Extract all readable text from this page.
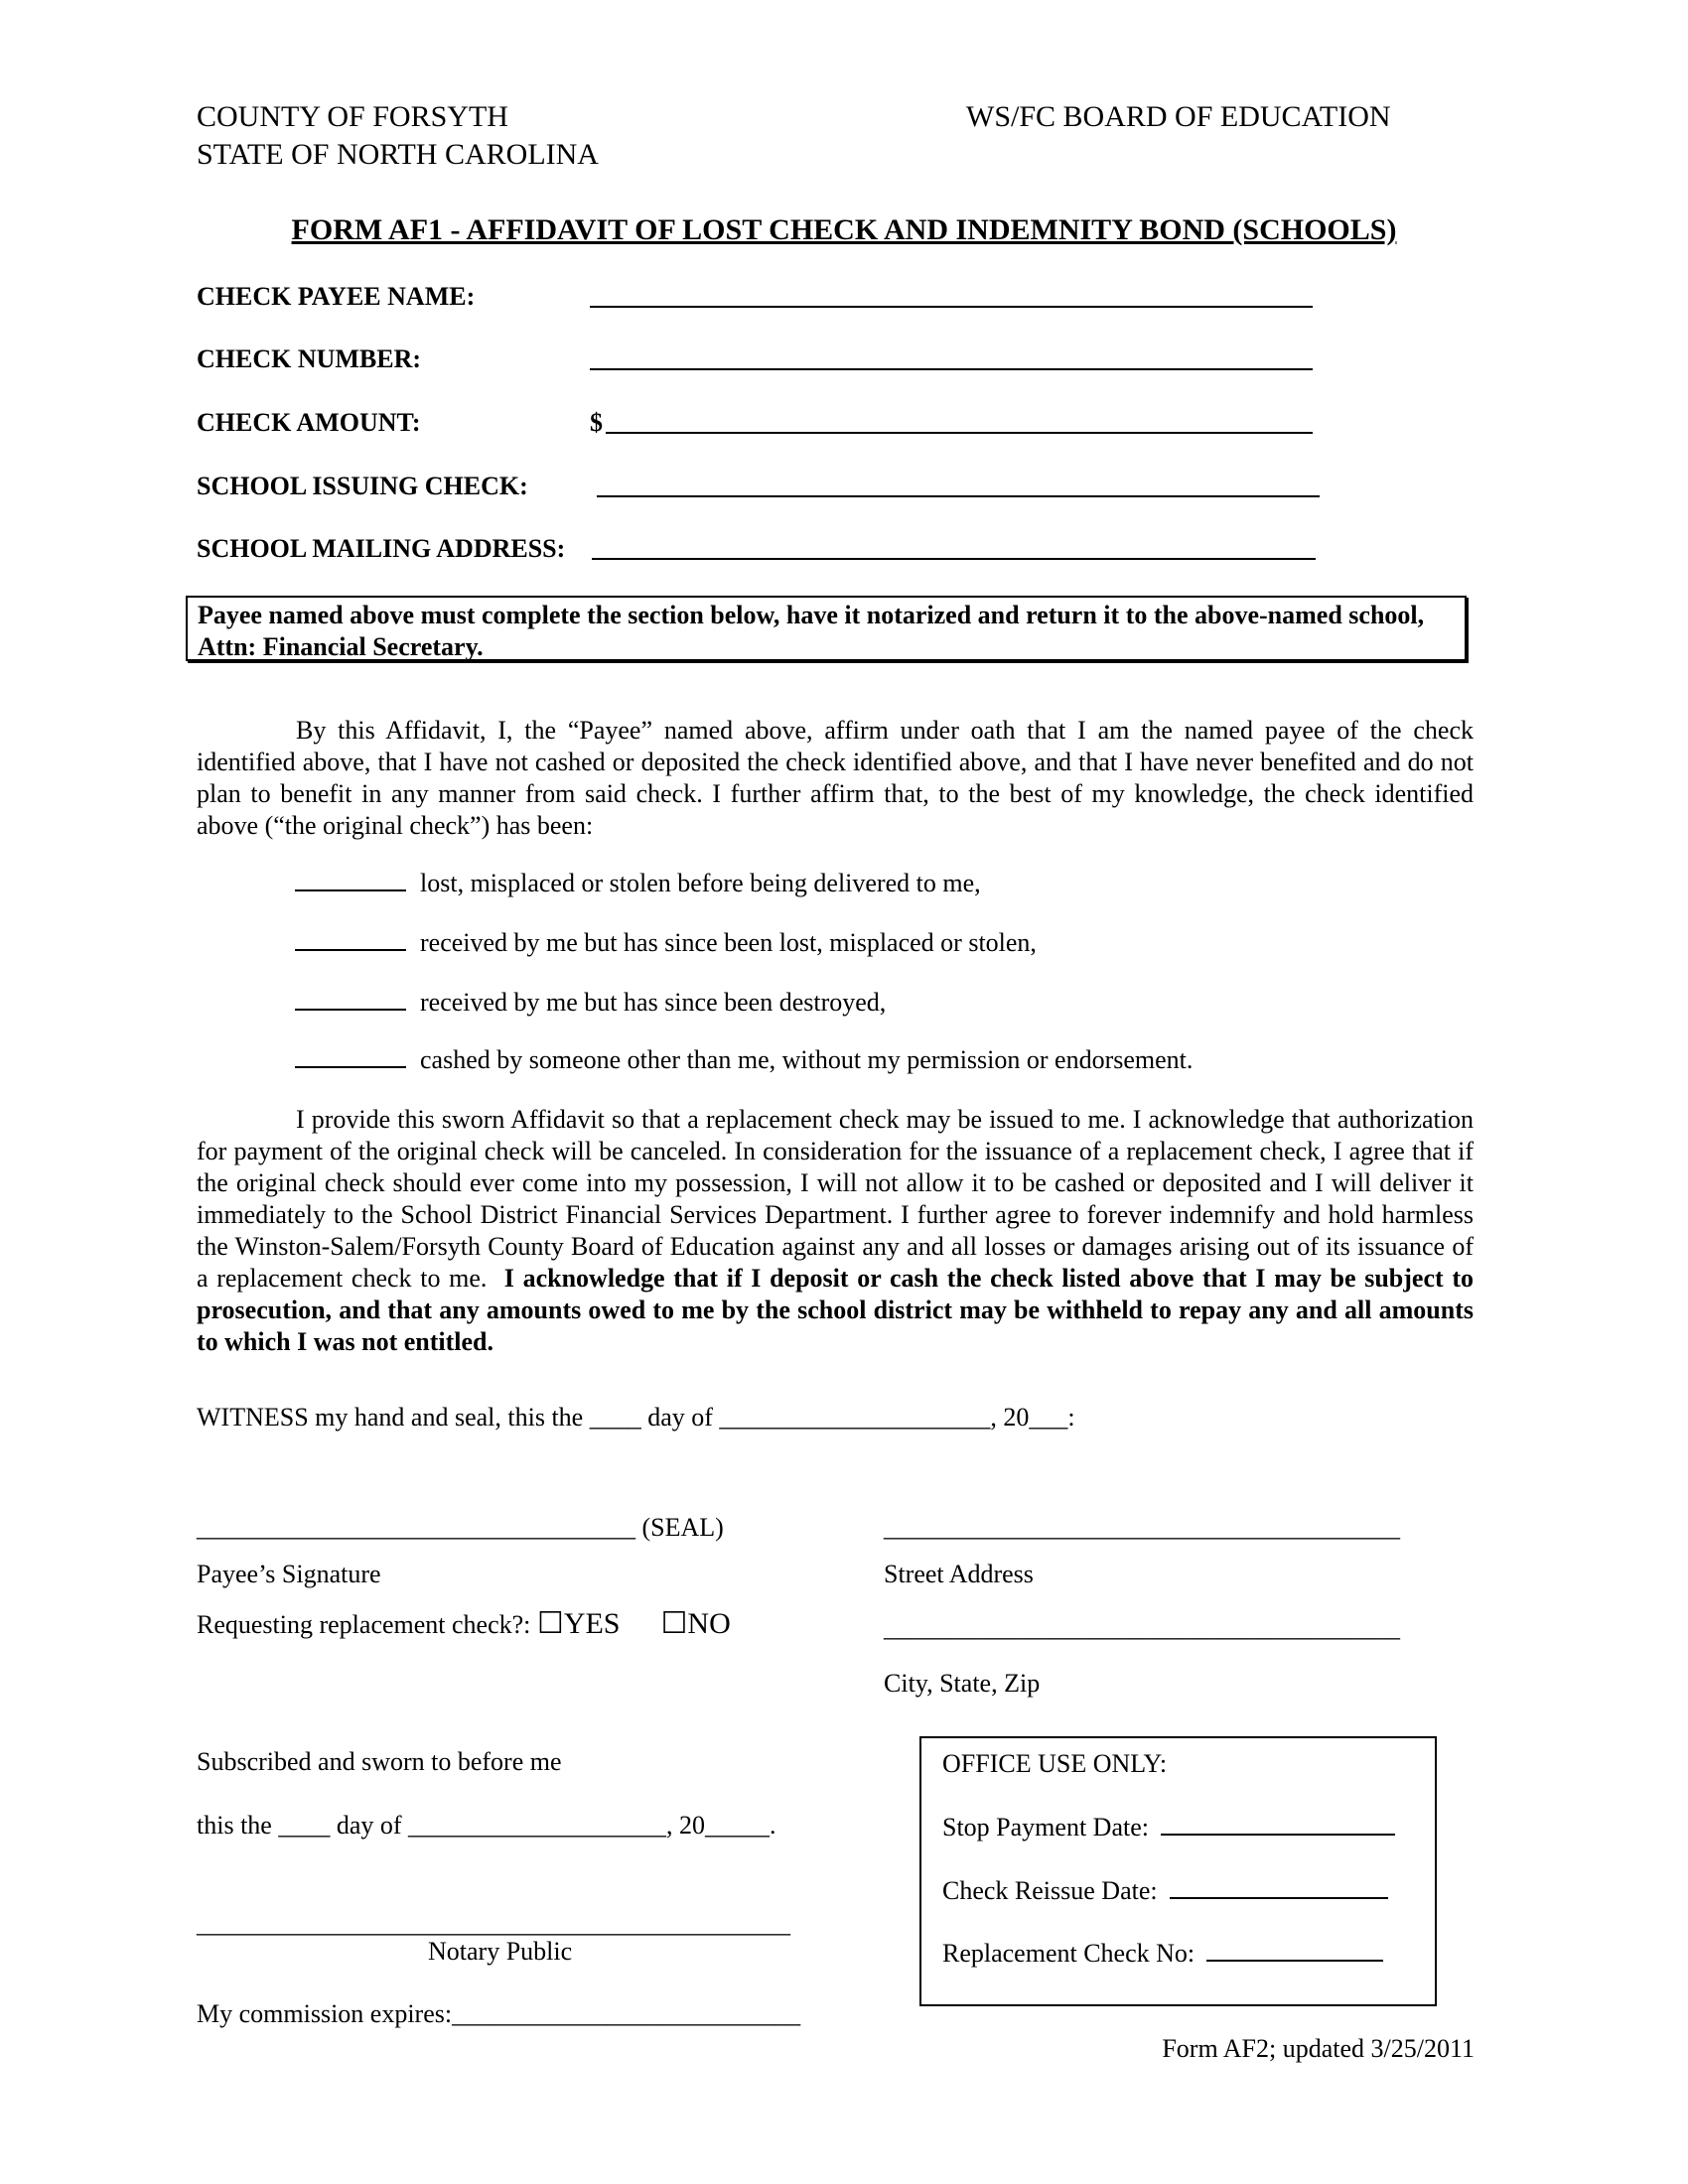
COUNTY OF FORSYTH
STATE OF NORTH CAROLINA
WS/FC BOARD OF EDUCATION
FORM AF1 - AFFIDAVIT OF LOST CHECK AND INDEMNITY BOND (SCHOOLS)
CHECK PAYEE NAME:
CHECK NUMBER:
CHECK AMOUNT:	$
SCHOOL ISSUING CHECK:
SCHOOL MAILING ADDRESS:
Payee named above must complete the section below, have it notarized and return it to the above-named school, Attn: Financial Secretary.
By this Affidavit, I, the “Payee” named above, affirm under oath that I am the named payee of the check identified above, that I have not cashed or deposited the check identified above, and that I have never benefited and do not plan to benefit in any manner from said check. I further affirm that, to the best of my knowledge, the check identified above (“the original check”) has been:
lost, misplaced or stolen before being delivered to me,
received by me but has since been lost, misplaced or stolen,
received by me but has since been destroyed,
cashed by someone other than me, without my permission or endorsement.
I provide this sworn Affidavit so that a replacement check may be issued to me. I acknowledge that authorization for payment of the original check will be canceled. In consideration for the issuance of a replacement check, I agree that if the original check should ever come into my possession, I will not allow it to be cashed or deposited and I will deliver it immediately to the School District Financial Services Department. I further agree to forever indemnify and hold harmless the Winston-Salem/Forsyth County Board of Education against any and all losses or damages arising out of its issuance of a replacement check to me. I acknowledge that if I deposit or cash the check listed above that I may be subject to prosecution, and that any amounts owed to me by the school district may be withheld to repay any and all amounts to which I was not entitled.
WITNESS my hand and seal, this the ____ day of _____________________, 20___:
__________________________________ (SEAL)	________________________________________
Payee’s Signature	Street Address
Requesting replacement check?: ☐YES ☐NO	________________________________________
City, State, Zip
Subscribed and sworn to before me
this the ____ day of ____________________, 20_____.
______________________________________________
Notary Public
My commission expires:___________________________
OFFICE USE ONLY:
Stop Payment Date:
Check Reissue Date:
Replacement Check No:
Form AF2; updated 3/25/2011
